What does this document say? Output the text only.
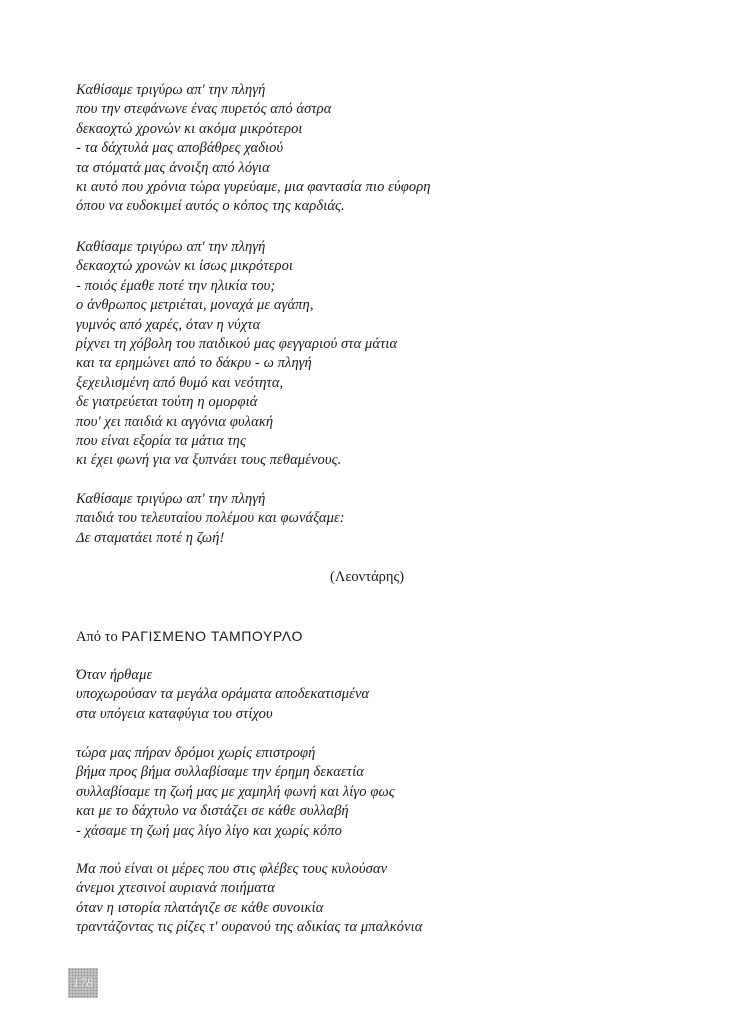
Καθίσαμε τριγύρω απ' την πληγή
που την στεφάνωνε ένας πυρετός από άστρα
δεκαοχτώ χρονών κι ακόμα μικρότεροι
- τα δάχτυλά μας αποβάθρες χαδιού
τα στόματά μας άνοιξη από λόγια
κι αυτό που χρόνια τώρα γυρεύαμε, μια φαντασία πιο εύφορη
όπου να ευδοκιμεί αυτός ο κόπος της καρδιάς.
Καθίσαμε τριγύρω απ' την πληγή
δεκαοχτώ χρονών κι ίσως μικρότεροι
- ποιός έμαθε ποτέ την ηλικία του;
ο άνθρωπος μετριέται, μοναχά με αγάπη,
γυμνός από χαρές, όταν η νύχτα
ρίχνει τη χόβολη του παιδικού μας φεγγαριού στα μάτια
και τα ερημώνει από το δάκρυ - ω πληγή
ξεχειλισμένη από θυμό και νεότητα,
δε γιατρεύεται τούτη η ομορφιά
που' χει παιδιά κι αγγόνια φυλακή
που είναι εξορία τα μάτια της
κι έχει φωνή για να ξυπνάει τους πεθαμένους.
Καθίσαμε τριγύρω απ' την πληγή
παιδιά του τελευταίου πολέμου και φωνάξαμε:
Δε σταματάει ποτέ η ζωή!
(Λεοντάρης)
Από το ΡΑΓΙΣΜΕΝΟ ΤΑΜΠΟΥΡΛΟ
Όταν ήρθαμε
υποχωρούσαν τα μεγάλα οράματα αποδεκατισμένα
στα υπόγεια καταφύγια του στίχου
τώρα μας πήραν δρόμοι χωρίς επιστροφή
βήμα προς βήμα συλλαβίσαμε την έρημη δεκαετία
συλλαβίσαμε τη ζωή μας με χαμηλή φωνή και λίγο φως
και με το δάχτυλο να διστάζει σε κάθε συλλαβή
- χάσαμε τη ζωή μας λίγο λίγο και χωρίς κόπο
Μα πού είναι οι μέρες που στις φλέβες τους κυλούσαν
άνεμοι χτεσινοί αυριανά ποιήματα
όταν η ιστορία πλατάγιζε σε κάθε συνοικία
τραντάζοντας τις ρίζες τ' ουρανού της αδικίας τα μπαλκόνια
178
